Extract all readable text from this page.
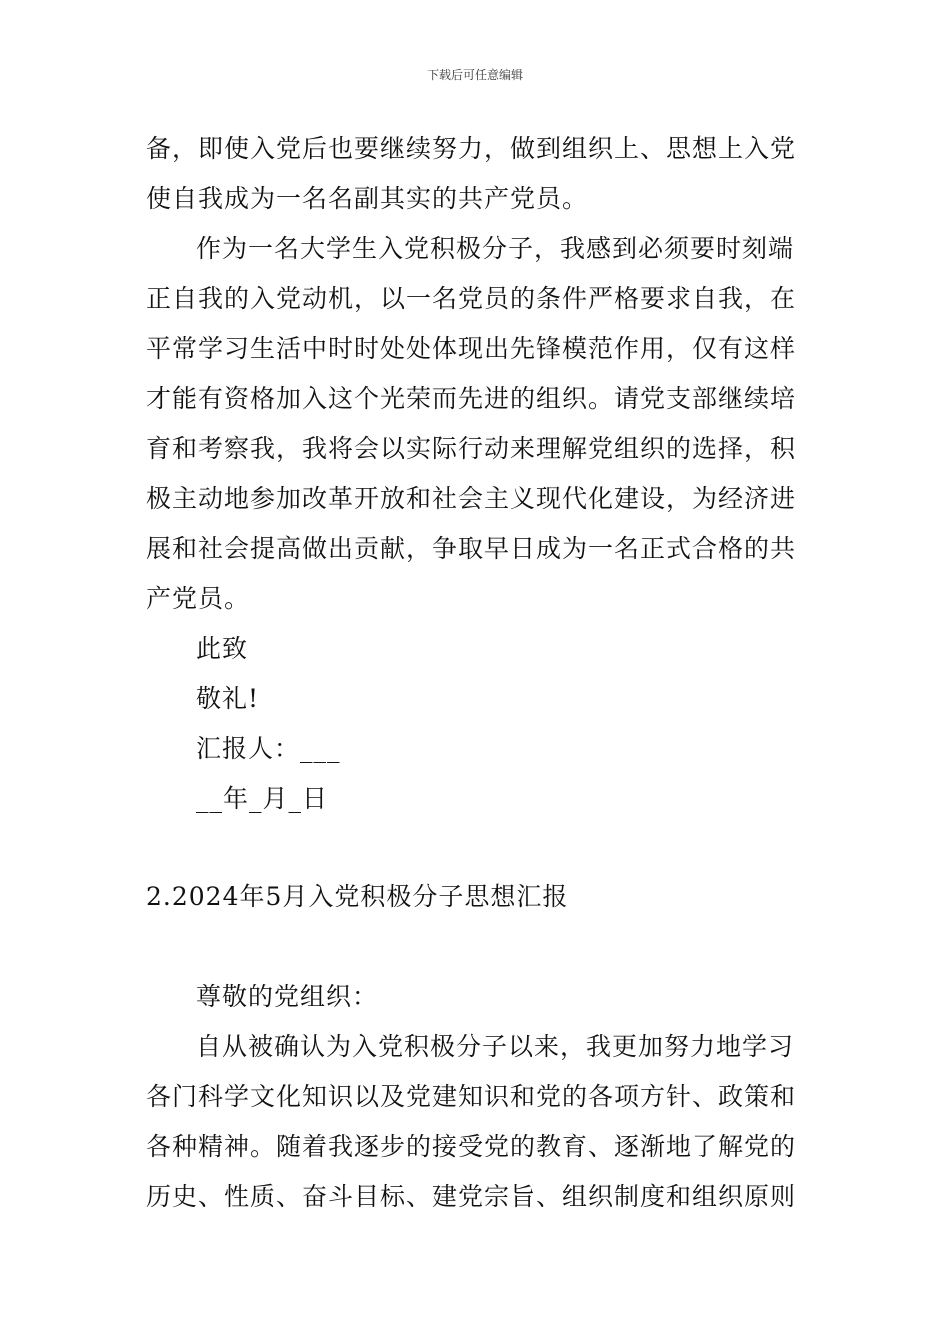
下载后可任意编辑
备，即使入党后也要继续努力，做到组织上、思想上入党
使自我成为一名名副其实的共产党员。
作为一名大学生入党积极分子，我感到必须要时刻端
正自我的入党动机，以一名党员的条件严格要求自我，在
平常学习生活中时时处处体现出先锋模范作用，仅有这样
才能有资格加入这个光荣而先进的组织。请党支部继续培
育和考察我，我将会以实际行动来理解党组织的选择，积
极主动地参加改革开放和社会主义现代化建设，为经济进
展和社会提高做出贡献，争取早日成为一名正式合格的共
产党员。
此致
敬礼!
汇报人：___
__年_月_日
2.2024年5月入党积极分子思想汇报
尊敬的党组织：
自从被确认为入党积极分子以来，我更加努力地学习
各门科学文化知识以及党建知识和党的各项方针、政策和
各种精神。随着我逐步的接受党的教育、逐渐地了解党的
历史、性质、奋斗目标、建党宗旨、组织制度和组织原则
